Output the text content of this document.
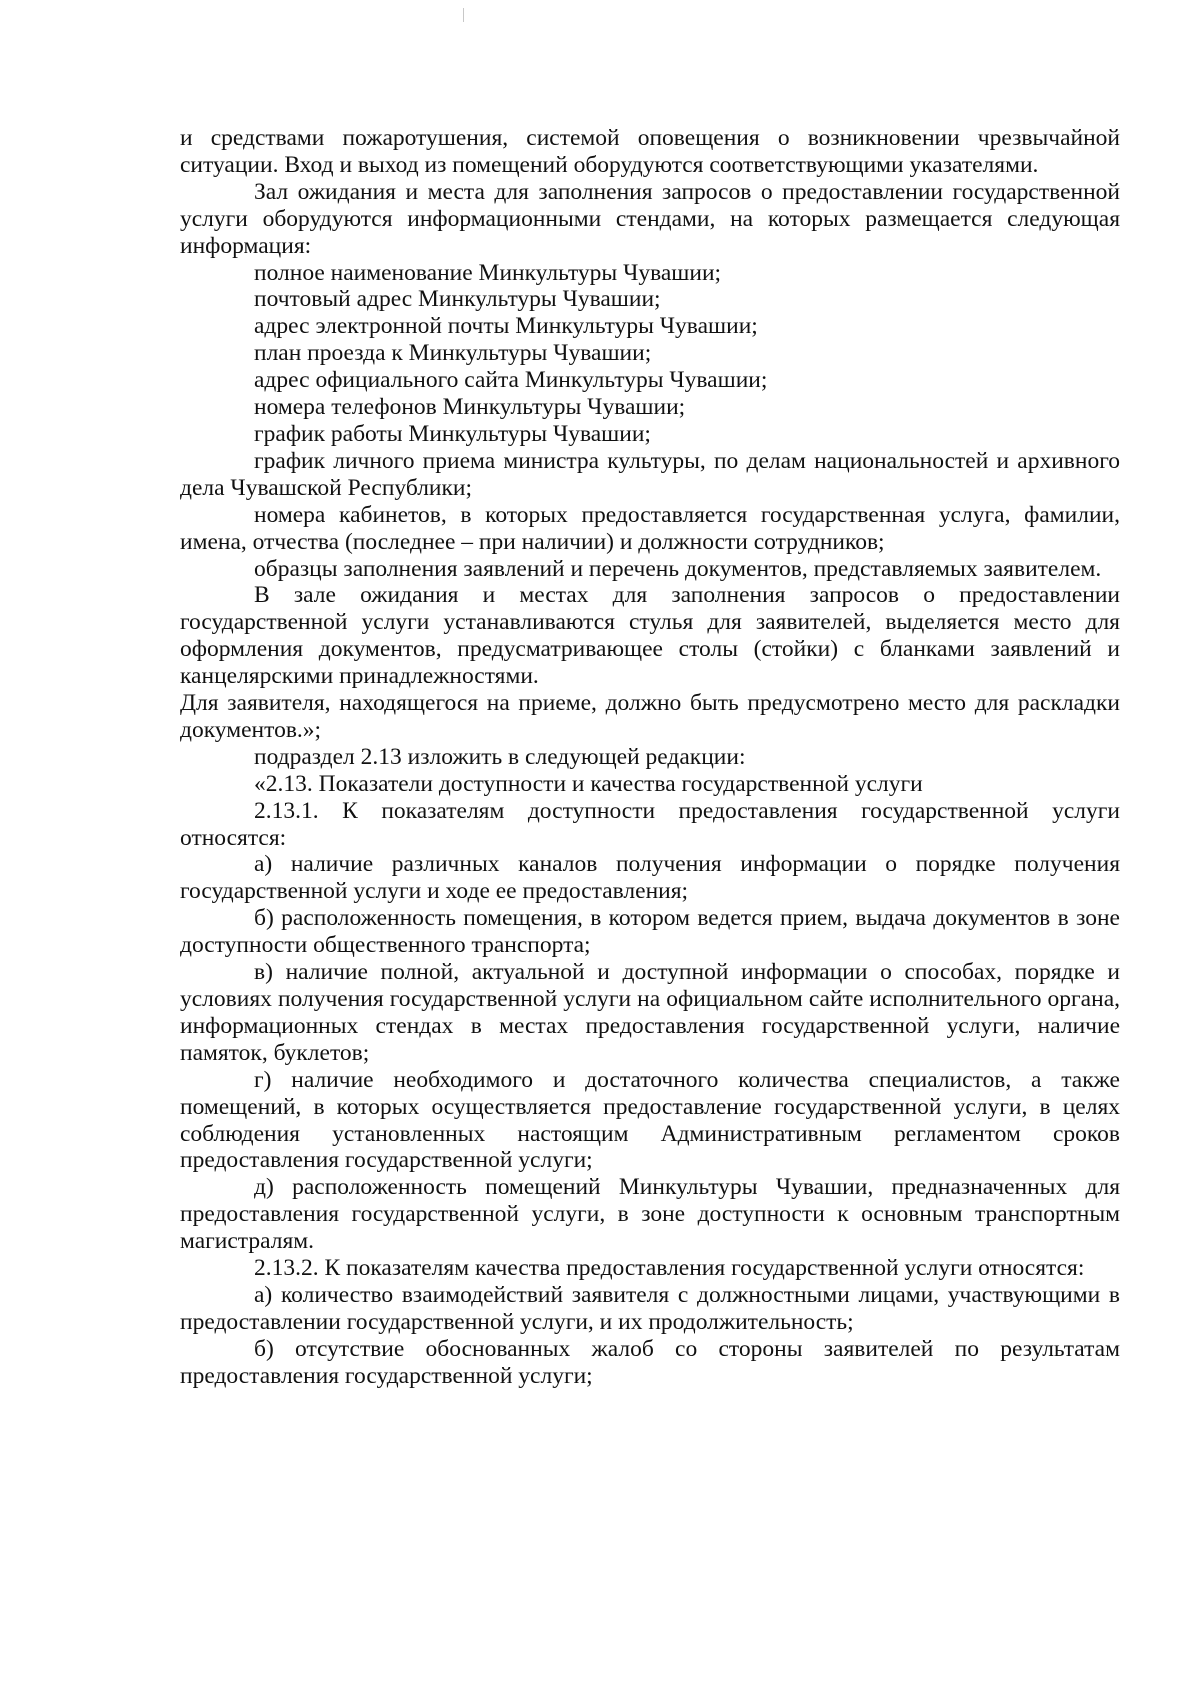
и средствами пожаротушения, системой оповещения о возникновении чрезвычайной ситуации. Вход и выход из помещений оборудуются соответствующими указателями.

Зал ожидания и места для заполнения запросов о предоставлении государственной услуги оборудуются информационными стендами, на которых размещается следующая информация:

полное наименование Минкультуры Чувашии;

почтовый адрес Минкультуры Чувашии;

адрес электронной почты Минкультуры Чувашии;

план проезда к Минкультуры Чувашии;

адрес официального сайта Минкультуры Чувашии;

номера телефонов Минкультуры Чувашии;

график работы Минкультуры Чувашии;

график личного приема министра культуры, по делам национальностей и архивного дела Чувашской Республики;

номера кабинетов, в которых предоставляется государственная услуга, фамилии, имена, отчества (последнее – при наличии) и должности сотрудников;

образцы заполнения заявлений и перечень документов, представляемых заявителем.

В зале ожидания и местах для заполнения запросов о предоставлении государственной услуги устанавливаются стулья для заявителей, выделяется место для оформления документов, предусматривающее столы (стойки) с бланками заявлений и канцелярскими принадлежностями.

Для заявителя, находящегося на приеме, должно быть предусмотрено место для раскладки документов.»;

подраздел 2.13 изложить в следующей редакции:

«2.13. Показатели доступности и качества государственной услуги

2.13.1. К показателям доступности предоставления государственной услуги относятся:

а) наличие различных каналов получения информации о порядке получения государственной услуги и ходе ее предоставления;

б) расположенность помещения, в котором ведется прием, выдача документов в зоне доступности общественного транспорта;

в) наличие полной, актуальной и доступной информации о способах, порядке и условиях получения государственной услуги на официальном сайте исполнительного органа, информационных стендах в местах предоставления государственной услуги, наличие памяток, буклетов;

г) наличие необходимого и достаточного количества специалистов, а также помещений, в которых осуществляется предоставление государственной услуги, в целях соблюдения установленных настоящим Административным регламентом сроков предоставления государственной услуги;

д) расположенность помещений Минкультуры Чувашии, предназначенных для предоставления государственной услуги, в зоне доступности к основным транспортным магистралям.

2.13.2. К показателям качества предоставления государственной услуги относятся:

а) количество взаимодействий заявителя с должностными лицами, участвующими в предоставлении государственной услуги, и их продолжительность;

б) отсутствие обоснованных жалоб со стороны заявителей по результатам предоставления государственной услуги;
